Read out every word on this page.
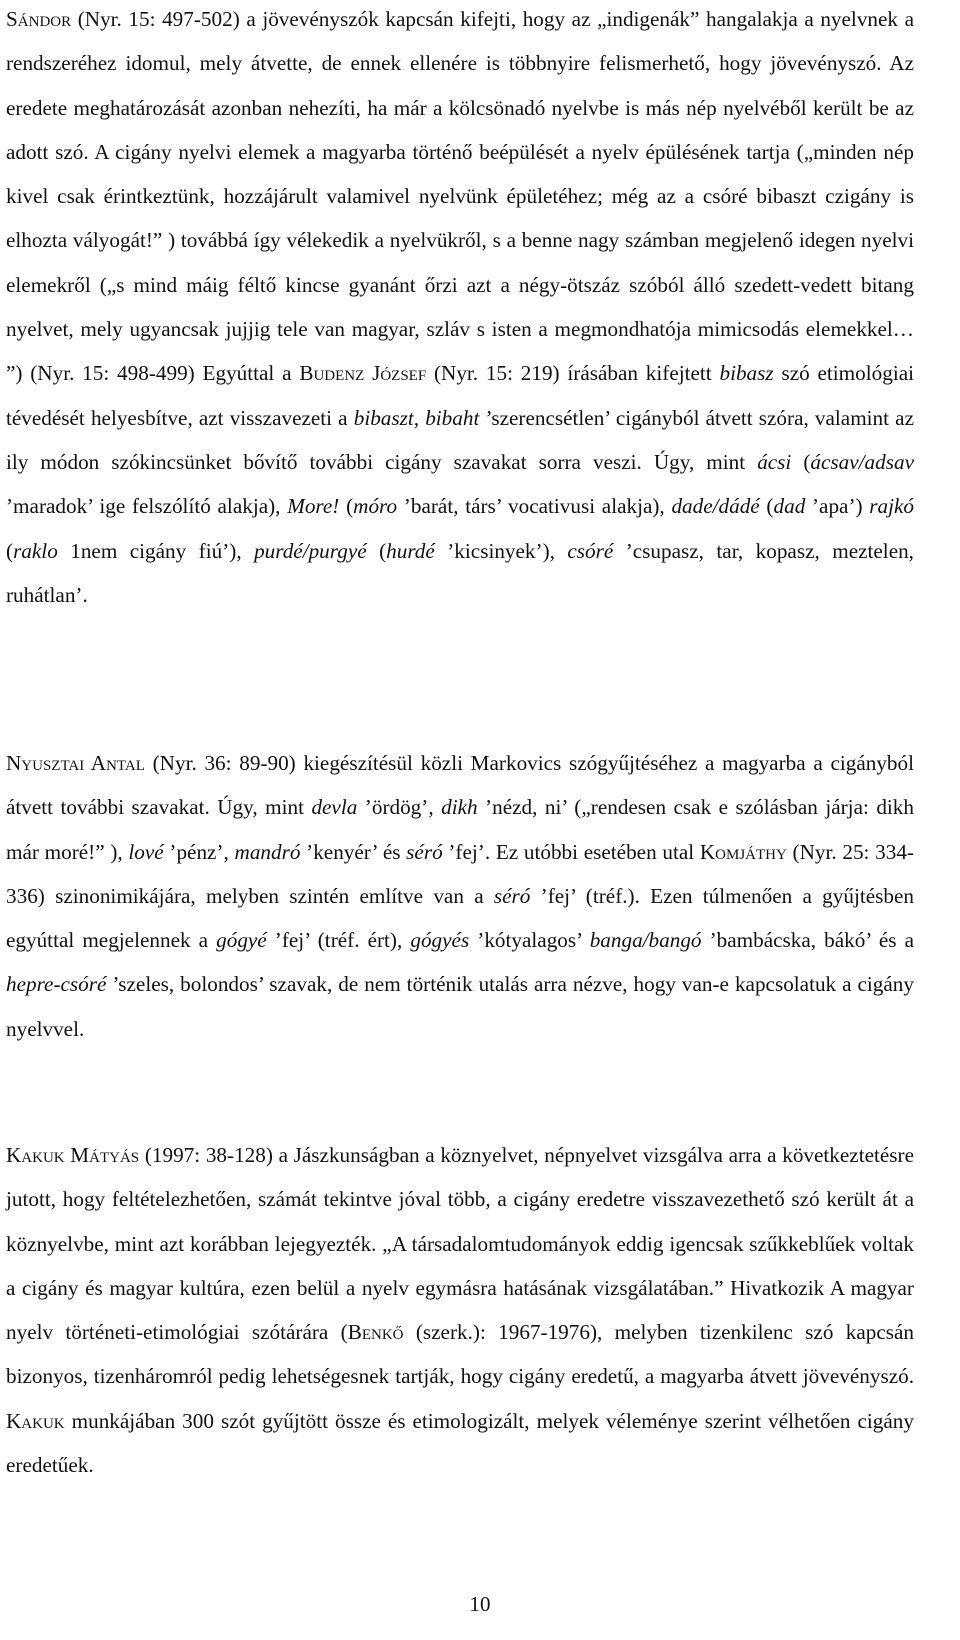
Sándor (Nyr. 15: 497-502) a jövevényszók kapcsán kifejti, hogy az „indigenák” hangalakja a nyelvnek a rendszeréhez idomul, mely átvette, de ennek ellenére is többnyire felismerhető, hogy jövevényszó. Az eredete meghatározását azonban nehezíti, ha már a kölcsönadó nyelvbe is más nép nyelvéből került be az adott szó. A cigány nyelvi elemek a magyarba történő beépülését a nyelv épülésének tartja („minden nép kivel csak érintkeztünk, hozzájárult valamivel nyelvünk épületéhez; még az a csóré bibaszt czigány is elhozta vályogát!” ) továbbá így vélekedik a nyelvükről, s a benne nagy számban megjelenő idegen nyelvi elemekről („s mind máig féltő kincse gyanánt őrzi azt a négy-ötszáz szóból álló szedett-vedett bitang nyelvet, mely ugyancsak jujjig tele van magyar, szláv s isten a megmondhatója mimicsodás elemekkel… ”) (Nyr. 15: 498-499) Egyúttal a Budenz József (Nyr. 15: 219) írásában kifejtett bibasz szó etimológiai tévedését helyesbítve, azt visszavezeti a bibaszt, bibaht ’szerencsétlen’ cigányból átvett szóra, valamint az ily módon szókincsünket bővítő további cigány szavakat sorra veszi. Úgy, mint ácsi (ácsav/adsav ’maradok’ ige felszólító alakja), More! (móro ’barát, társ’ vocativusi alakja), dade/dádé (dad ’apa’) rajkó (raklo 1nem cigány fiú’), purdé/purgyé (hurdé ’kicsinyek’), csóré ’csupasz, tar, kopasz, meztelen, ruhátlan’.

Nyusztai Antal (Nyr. 36: 89-90) kiegészítésül közli Markovics szógyűjtéséhez a magyarba a cigányból átvett további szavakat. Úgy, mint devla ’ördög’, dikh ’nézd, ni’ („rendesen csak e szólásban járja: dikh már moré!” ), lové ’pénz’, mandró ’kenyér’ és séró ’fej’. Ez utóbbi esetében utal Komjáthy (Nyr. 25: 334-336) szinonimikájára, melyben szintén említve van a séró ’fej’ (tréf.). Ezen túlmenően a gyűjtésben egyúttal megjelennek a gógyé ’fej’ (tréf. ért), gógyés ’kótyalagos’ banga/bangó ’bambácska, bákó’ és a hepre-csóré ’szeles, bolondos’ szavak, de nem történik utalás arra nézve, hogy van-e kapcsolatuk a cigány nyelvvel.

Kakuk Mátyás (1997: 38-128) a Jászkunságban a köznyelvet, népnyelvet vizsgálva arra a következtetésre jutott, hogy feltételezhetően, számát tekintve jóval több, a cigány eredetre visszavezethető szó került át a köznyelvbe, mint azt korábban lejegyezték. „A társadalomtudományok eddig igencsak szűkkeblűek voltak a cigány és magyar kultúra, ezen belül a nyelv egymásra hatásának vizsgálatában.” Hivatkozik A magyar nyelv történeti-etimológiai szótárára (Benkő (szerk.): 1967-1976), melyben tizenkilenc szó kapcsán bizonyos, tizenháromról pedig lehetségesnek tartják, hogy cigány eredetű, a magyarba átvett jövevényszó. Kakuk munkájában 300 szót gyűjtött össze és etimologizált, melyek véleménye szerint vélhetően cigány eredetűek.

10
